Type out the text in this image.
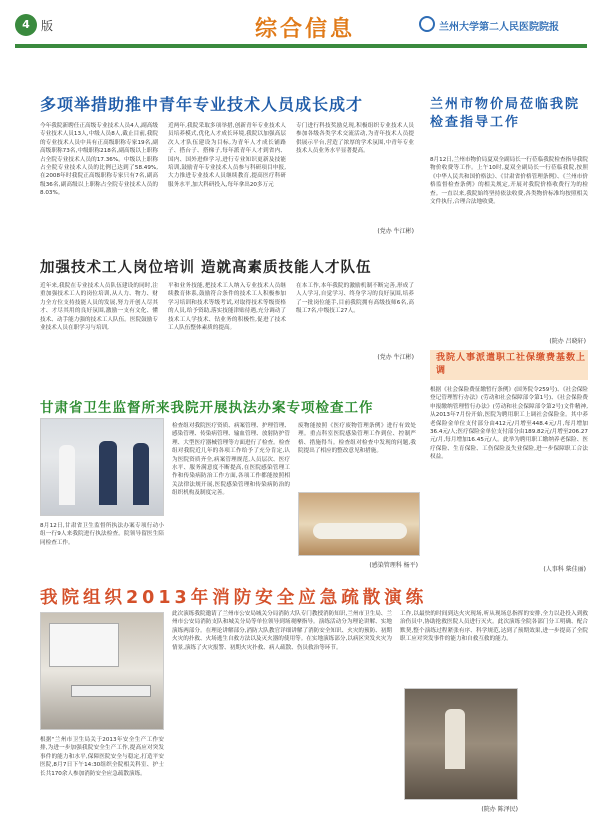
4 版	综合信息	兰州大学第二人民医院院报
多项举措助推中青年专业技术人员成长成才
今年我院新聘任正高级专业技术人员4人,副高级专业技术人员13人,中级人员8人,截止目前,我院的专业技术人员中具有正高级职称专家19名,副高级职称73名,中级职称218名,副高级以上职称占全院专业技术人员的17.36%。中级以上职称占全院专业技术人员的比例已达到了58.49%,在2008年时我院正高级职称专家只有7名,副高级36名,副高级以上职称占全院专业技术人员的8.03%。
近两年,我院采取多项举措,创新青年专业技术人员培养模式,优化人才成长环境,我院以加强高层次人才队伍建设为目标,为青年人才成长铺路子、搭台子、搭梯子,每年派青年人才到省内、国内、国外进修学习,进行专业知识更新及技能培训,鼓励青年专业技术人员参与科研项目申报,大力推进专业技术人员继续教育,提高医疗科研服务水平,加大科研投入,每年拿出20多万元
专门进行科技奖励兑现,积极组织专业技术人员参加各级各类学术交流活动,为青年技术人员提供展示平台,营造了浓厚的学术氛围,中青年专业技术人员业务水平显著提高。
(党办 牛江彬)
兰州市物价局莅临我院检查指导工作
8月12日,兰州市物价局夏双全副局长一行莅临我院检查指导我院物价收费等工作。上午10时,夏双全副局长一行莅临我院,按照《中华人民共和国价格法》、《甘肃省价格管理条例》、《兰州市价格监督检查条例》的相关规定,开展对我院价格收费行为的检查。一直以来,我院始终坚持依法收费,各类物价标准均按照相关文件执行,合理合法地收费。
(院办 吕晓轩)
加强技术工人岗位培训 造就高素质技能人才队伍
近年来,我院在专业技术人员队伍建设的同时,注重加强技术工人的岗位培训,从人力、物力、财力全方位支持技能人员的发展,努力开创人尽其才、才尽其用的良好氛围,激励一支有文化、懂技术、动手能力强的技术工人队伍。医院鼓励专业技术人员在职学习与培训,
平和业务技能,把技术工人纳入专业技术人员继续教育体系,鼓励符合条件的技术工人积极参加学习培训和技术等级考试,对取得技术等级资格的人员,给予资助,落实技能津贴待遇,充分调动了技术工人学技术、钻业务的积极性,促进了技术工人队伍整体素质的提高。
在本工作,本年我院的激励机制不断完善,形成了人人学习,自觉学习、终身学习的良好氛围,培养了一批岗位能手,目前我院拥有高级技师6名,高级工7名,中级技工27人。
(党办 牛江彬) 我院人事派遣职工社保缴费基数上调
根据《社会保险费征缴暂行条例》(国务院令259号)、《社会保险登记管理暂行办法》(劳动和社会保障部令第1号)、《社会保险费申报缴纳管理暂行办法》(劳动和社会保障部令第2号)文件精神,从2013年7月份开始,医院为聘用职工上调社会保险金。其中养老保险金单位支付部分由412元/月增至448.4元/月,每月增加36.4元/人;医疗保险金单位支付部分由189.82元/月增至206.27元/月,每月增加16.45元/人。此举为聘用职工缴纳养老保险、医疗保险、生育保险、工伤保险及失业保险,进一步保障职工合法权益。
(人事科 柴佳丽)
甘肃省卫生监督所来我院开展执法办案专项检查工作
8月12日,甘肃省卫生监督所执法办案专项行动小组一行9人来我院进行执法检查。院领导留医生陪同检查工作。
检查组对我院医疗资质、病案管理、护理管理、感染管理、传染病管理、输血管理、放射防护管理、大型医疗器械管理等方面进行了检查。检查组对我院近几年的各项工作给予了充分肯定,认为医院资质齐全,病案管理规范,人员层次、医疗水平、服务满意度不断提高,在医院感染管理工作和传染病防治工作方面,各项工作都能按照相关法律法规开展,医院感染管理和传染病防治的组织机构及制度完善。
废物能按照《医疗废物管理条例》进行有效处理。重点科室医院感染管理工作到位、控制严格、措施得当。检查组对检查中发现的问题,我院提出了相应的整改意见和措施。
(感染管理科 杨平)
我院组织2013年消防安全应急疏散演练
根据"兰州市卫生局关于2013年安全生产工作安排,为进一步加强我院安全生产工作,提高应对突发事件的能力和水平,保障医院安全与稳定,打造平安医院,8月7日下午14:30组织全院相关科室、护士长共170余人参加消防安全应急疏散演练。
此次演练我院邀请了兰州市公安局城关分局消防大队专门教授消防知识,兰州市卫生局、兰州市公安局消防支队和城关分局等单位领导到场观摩指导。演练活动分为理论讲解、实地演练两部分。在理论讲解部分,消防大队教官详细讲解了消防安全知识、火灾的预防、初期火灾的扑救、火场逃生自救方法以及灭火器的使用等。在实地演练部分,以病区突发火灾为情景,演练了火灾报警、初期火灾扑救、病人疏散、伤员救治等环节。
工作,以最快的时间到达火灾现场,听从现场总指挥的安排,全力以赴投入到救治伤员中,协助抢救医院人员进行灭火。此次演练全院各部门分工明确、配合默契,整个演练过程紧张有序、科学规范,达到了预期效果,进一步提高了全院职工应对突发事件的能力和自救互救的能力。
(院办 陈泽民)
